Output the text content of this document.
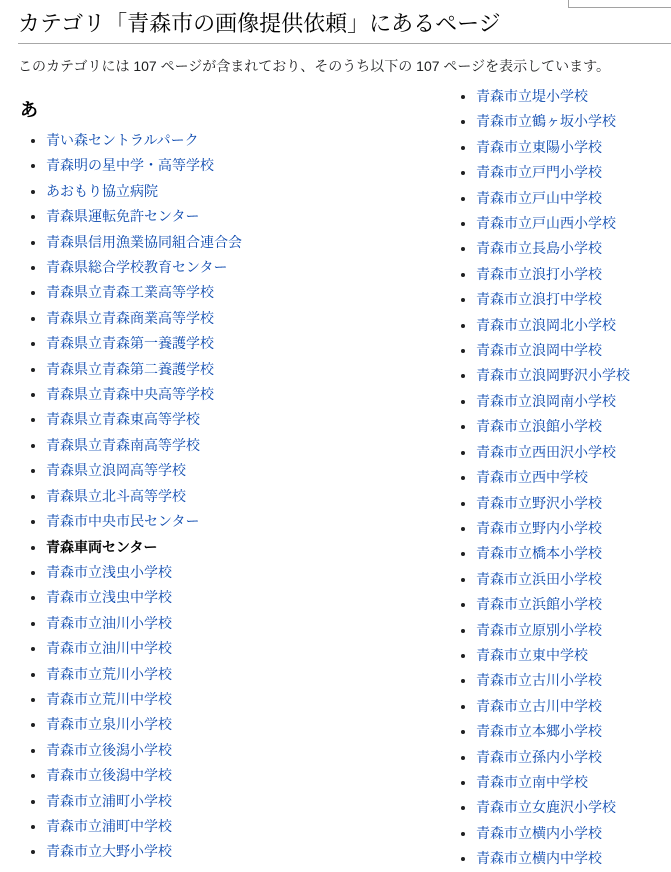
カテゴリ「青森市の画像提供依頼」にあるページ

このカテゴリには 107 ページが含まれており、そのうち以下の 107 ページを表示しています。

あ
• 青い森セントラルパーク
• 青森明の星中学・高等学校
• あおもり協立病院
• 青森県運転免許センター
• 青森県信用漁業協同組合連合会
• 青森県総合学校教育センター
• 青森県立青森工業高等学校
• 青森県立青森商業高等学校
• 青森県立青森第一養護学校
• 青森県立青森第二養護学校
• 青森県立青森中央高等学校
• 青森県立青森東高等学校
• 青森県立青森南高等学校
• 青森県立浪岡高等学校
• 青森県立北斗高等学校
• 青森市中央市民センター
• 青森車両センター
• 青森市立浅虫小学校
• 青森市立浅虫中学校
• 青森市立油川小学校
• 青森市立油川中学校
• 青森市立荒川小学校
• 青森市立荒川中学校
• 青森市立泉川小学校
• 青森市立後潟小学校
• 青森市立後潟中学校
• 青森市立浦町小学校
• 青森市立浦町中学校
• 青森市立大野小学校
• 青森市立堤小学校
• 青森市立鶴ヶ坂小学校
• 青森市立東陽小学校
• 青森市立戸門小学校
• 青森市立戸山中学校
• 青森市立戸山西小学校
• 青森市立長島小学校
• 青森市立浪打小学校
• 青森市立浪打中学校
• 青森市立浪岡北小学校
• 青森市立浪岡中学校
• 青森市立浪岡野沢小学校
• 青森市立浪岡南小学校
• 青森市立浪館小学校
• 青森市立西田沢小学校
• 青森市立西中学校
• 青森市立野沢小学校
• 青森市立野内小学校
• 青森市立橋本小学校
• 青森市立浜田小学校
• 青森市立浜館小学校
• 青森市立原別小学校
• 青森市立東中学校
• 青森市立古川小学校
• 青森市立古川中学校
• 青森市立本郷小学校
• 青森市立孫内小学校
• 青森市立南中学校
• 青森市立女鹿沢小学校
• 青森市立横内小学校
• 青森市立横内中学校
